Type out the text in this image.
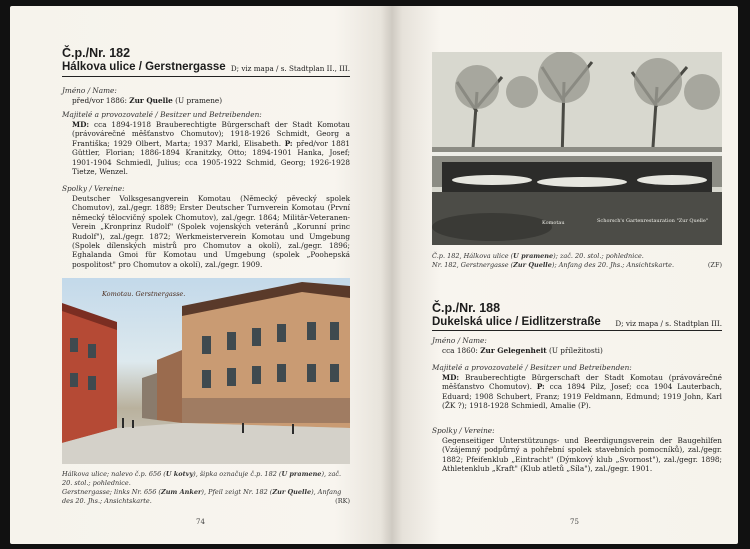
Č.p./Nr. 182
Hálkova ulice / Gerstnergasse D; viz mapa / s. Stadtplan II., III.
Jméno / Name:
před/vor 1886: Zur Quelle (U pramene)
Majitelé a provozovatelé / Besitzer und Betreibenden:
MD: cca 1894-1918 Brauberechtigte Bürgerschaft der Stadt Komotau (právovárečné měšťanstvo Chomutov); 1918-1926 Schmidt, Georg a Františka; 1929 Olbert, Marta; 1937 Markl, Elisabeth. P: před/vor 1881 Güttler, Florian; 1886-1894 Kranitzky, Otto; 1894-1901 Hanka, Josef; 1901-1904 Schmiedl, Julius; cca 1905-1922 Schmid, Georg; 1926-1928 Tietze, Wenzel.
Spolky / Vereine:
Deutscher Volksgesangverein Komotau (Německý pěvecký spolek Chomutov), zal./gegr. 1889; Erster Deutscher Turnverein Komotau (První německý tělocvičný spolek Chomutov), zal./gegr. 1864; Militär-Veteranen-Verein „Kronprinz Rudolf" (Spolek vojenských veteránů „Korunní princ Rudolf"), zal./gegr. 1872; Werkmeisterverein Komotau und Umgebung (Spolek dílenských mistrů pro Chomutov a okolí), zal./gegr. 1896; Eghalanda Gmoi für Komotau und Umgebung (spolek „Poohерská pospolitost" pro Chomutov a okolí), zal./gegr. 1909.
Komotau. Gerstnergasse.
Hálkova ulice; nalevo č.p. 656 (U kotvy), šipka označuje č.p. 182 (U pramene), zač. 20. stol.; pohlednice.
Gerstnergasse; links Nr. 656 (Zum Anker), Pfeil zeigt Nr. 182 (Zur Quelle), Anfang des 20. Jhs.; Ansichtskarte.	(RK)
74
Komotau	Schorsch's Gartenrestauration "Zur Quelle"
Č.p. 182, Hálkova ulice (U pramene); zač. 20. stol.; pohlednice.
Nr. 182, Gerstnergasse (Zur Quelle); Anfang des 20. Jhs.; Ansichtskarte.	(ZF)
Č.p./Nr. 188
Dukelská ulice / Eidlitzerstraße	D; viz mapa / s. Stadtplan III.
Jméno / Name:
cca 1860: Zur Gelegenheit (U příležitosti)
Majitelé a provozovatelé / Besitzer und Betreibenden:
MD: Brauberechtigte Bürgerschaft der Stadt Komotau (právovárečné měšťanstvo Chomutov). P: cca 1894 Pilz, Josef; cca 1904 Lauterbach, Eduard; 1908 Schubert, Franz; 1919 Feldmann, Edmund; 1919 John, Karl (ŽK ?); 1918-1928 Schmiedl, Amalie (P).
Spolky / Vereine:
Gegenseitiger Unterstützungs- und Beerdigungsverein der Baugehilfen (Vzájemný podpůrný a pohřební spolek stavebních pomocníků), zal./gegr. 1882; Pfeifenklub „Eintracht" (Dýmkový klub „Svornost"), zal./gegr. 1898; Athletenklub „Kraft" (Klub atletů „Síla"), zal./gegr. 1901.
75
